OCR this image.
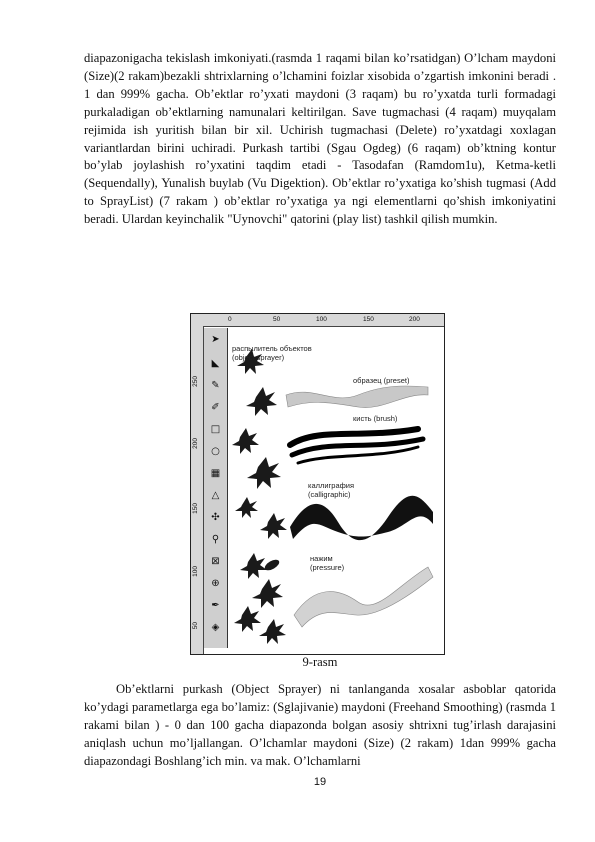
diapazonigacha tekislash imkoniyati.(rasmda 1 raqami bilan ko’rsatidgan) O’lcham maydoni (Size)(2 rakam)bezakli shtrixlarning o’lchamini foizlar xisobida o’zgartish imkonini beradi . 1 dan 999% gacha. Ob’ektlar ro’yxati maydoni (3 raqam) bu ro’yxatda turli formadagi purkaladigan ob’ektlarning namunalari keltirilgan. Save tugmachasi (4 raqam) muyqalam rejimida ish yuritish bilan bir xil. Uchirish tugmachasi (Delete) ro’yxatdagi xoxlagan variantlardan birini uchiradi. Purkash tartibi (Sgau Ogdeg) (6 raqam) ob’ktning kontur bo’ylab joylashish ro’yxatini taqdim etadi - Tasodafan (Ramdom1u), Ketma-ketli (Sequendally), Yunalish buylab (Vu Digektion). Ob’ektlar ro’yxatiga ko’shish tugmasi (Add to SprayList) (7 rakam ) ob’ektlar ro’yxatiga ya ngi elementlarni qo’shish imkoniyatini beradi. Ulardan keyinchalik "Uynovchi" qatorini (play list) tashkil qilish mumkin.

0	50	100	150	200
250
200
150
100
50
➤
◣
✎
✐
□
○
▦
△
✣
⚲
⊠
⊕
✒
◈
распылитель объектов
(object sprayer)
образец (preset)
кисть (brush)
каллиграфия
(calligraphic)
нажим
(pressure)
9-rasm

Ob’ektlarni purkash (Object Sprayer) ni tanlanganda xosalar asboblar qatorida ko’ydagi parametlarga ega bo’lamiz: (Sglajivanie) maydoni (Freehand Smoothing) (rasmda 1 rakami bilan ) - 0 dan 100 gacha diapazonda bolgan asosiy shtrixni tug’irlash darajasini aniqlash uchun mo’ljallangan. O’lchamlar maydoni (Size) (2 rakam) 1dan 999% gacha diapazondagi Boshlang’ich min. va mak. O’lchamlarni

19
